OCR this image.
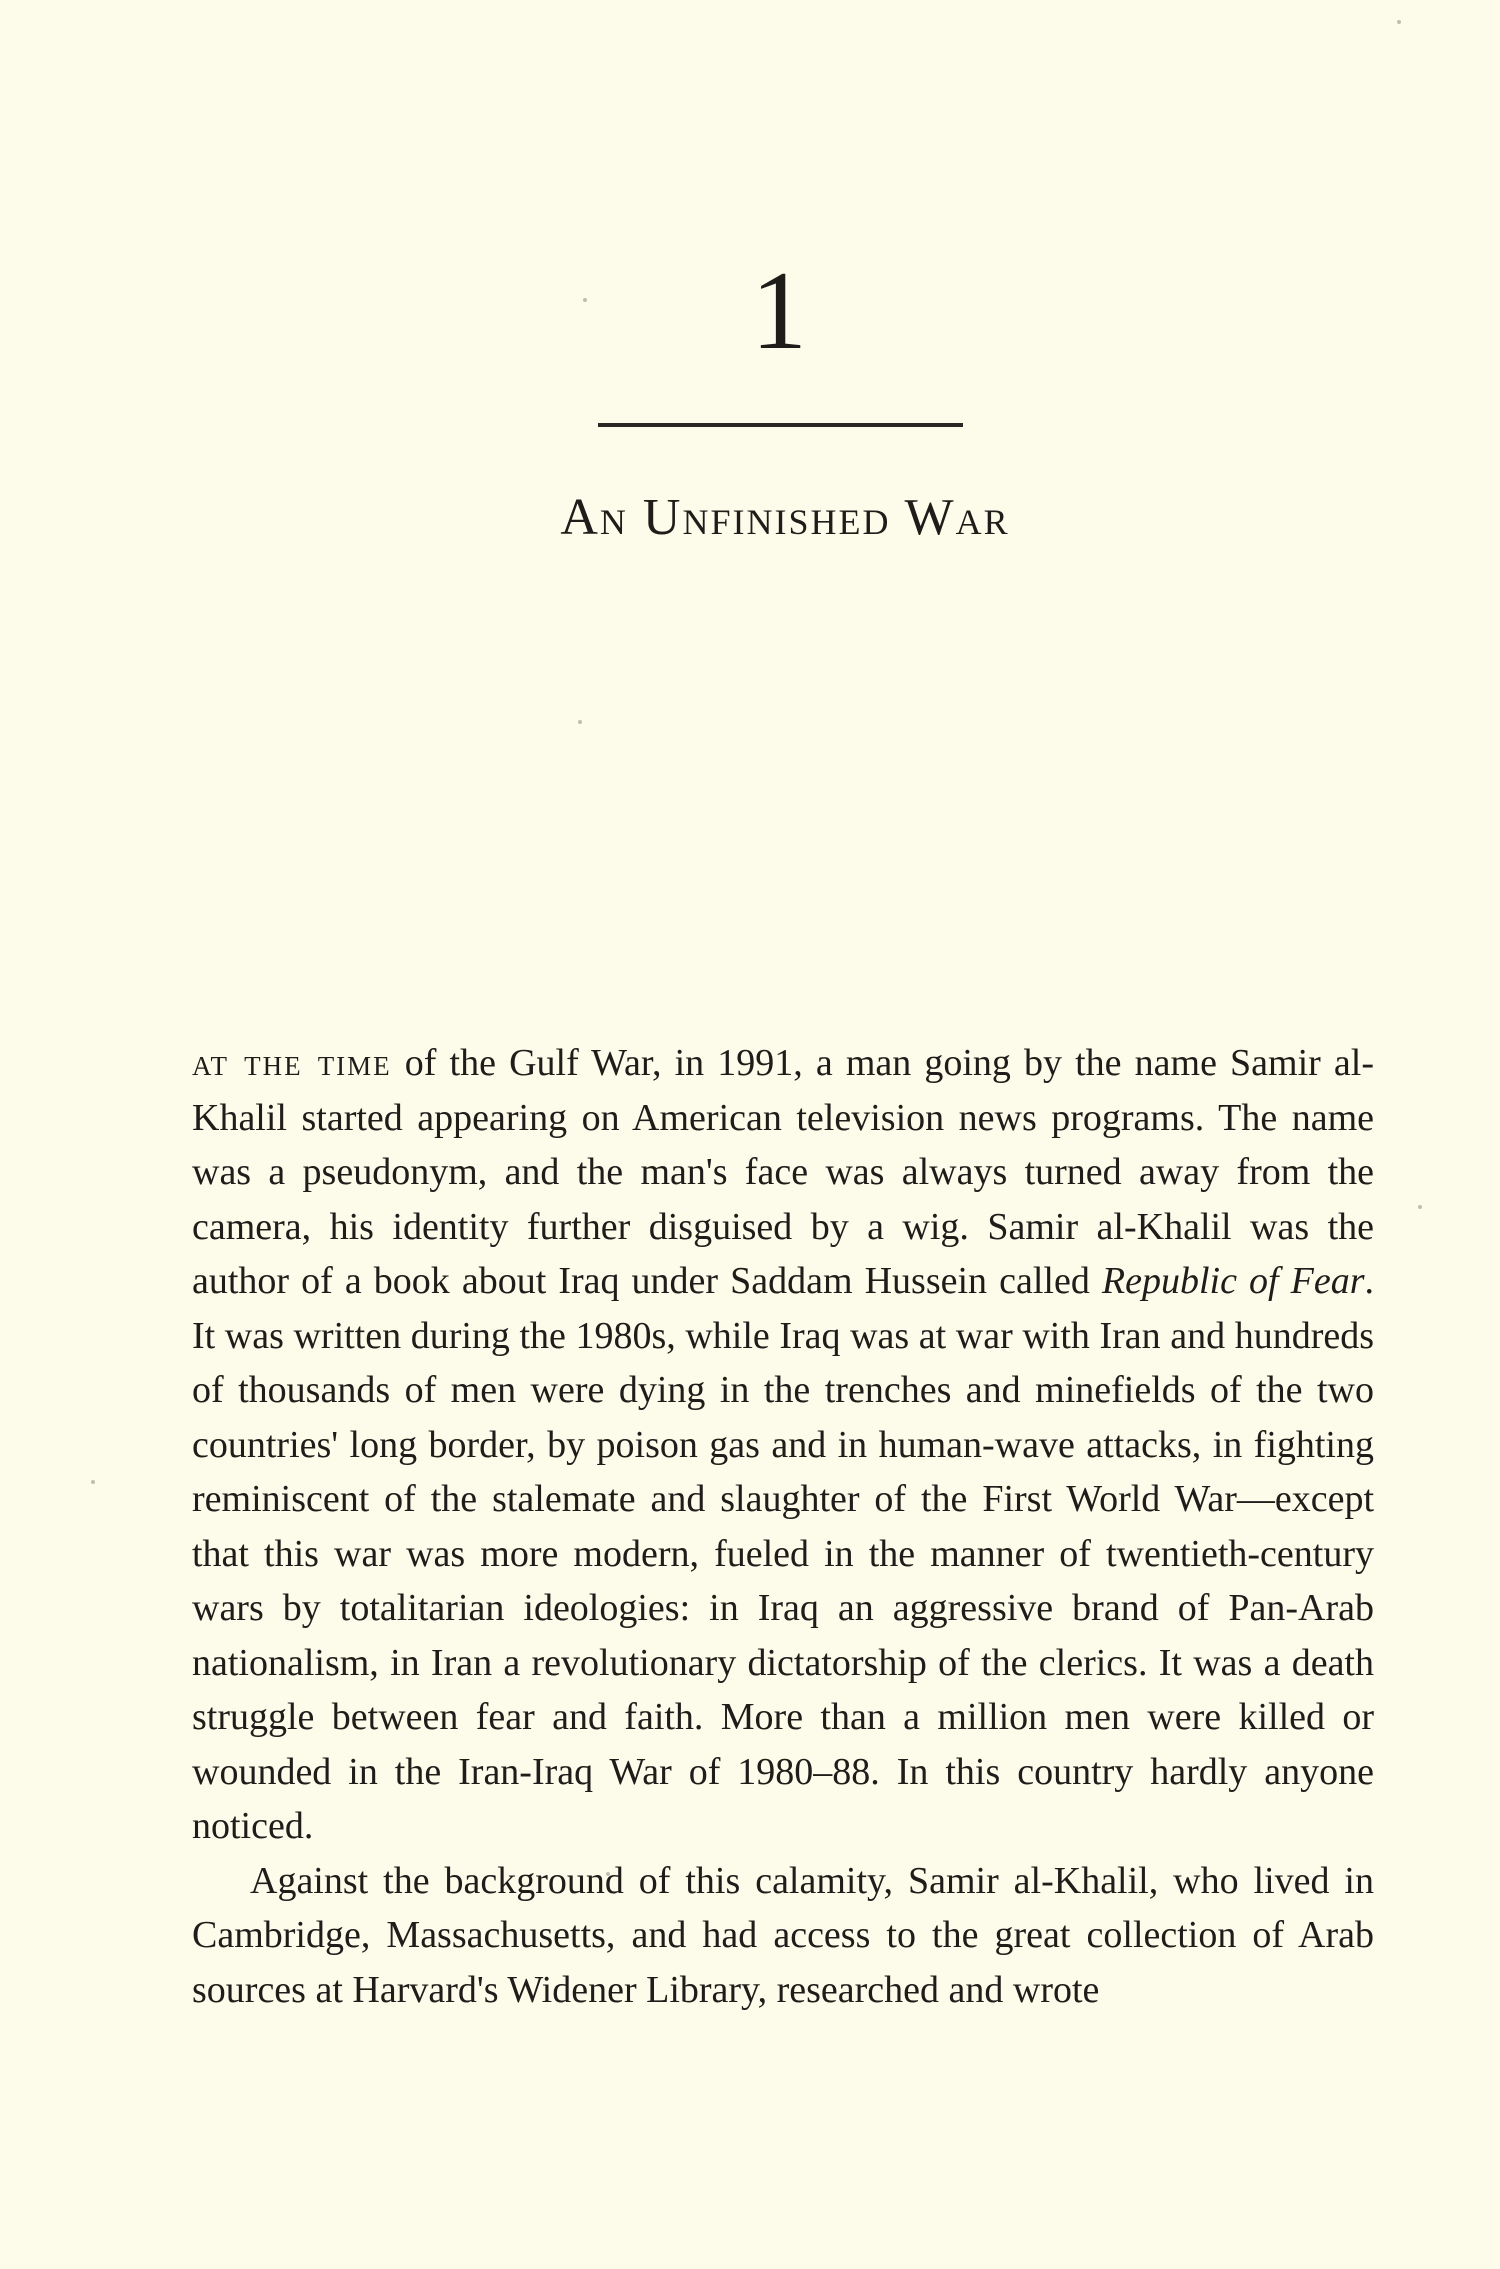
1
An Unfinished War

at the time of the Gulf War, in 1991, a man going by the name Samir al-Khalil started appearing on American television news programs. The name was a pseudonym, and the man's face was always turned away from the camera, his identity further disguised by a wig. Samir al-Khalil was the author of a book about Iraq under Saddam Hussein called Republic of Fear. It was written during the 1980s, while Iraq was at war with Iran and hundreds of thousands of men were dying in the trenches and minefields of the two countries' long border, by poison gas and in human-wave attacks, in fighting reminiscent of the stalemate and slaughter of the First World War—except that this war was more modern, fueled in the manner of twentieth-century wars by totalitarian ideologies: in Iraq an aggressive brand of Pan-Arab nationalism, in Iran a revolutionary dictatorship of the clerics. It was a death struggle between fear and faith. More than a million men were killed or wounded in the Iran-Iraq War of 1980–88. In this country hardly anyone noticed.

Against the background of this calamity, Samir al-Khalil, who lived in Cambridge, Massachusetts, and had access to the great collection of Arab sources at Harvard's Widener Library, researched and wrote
